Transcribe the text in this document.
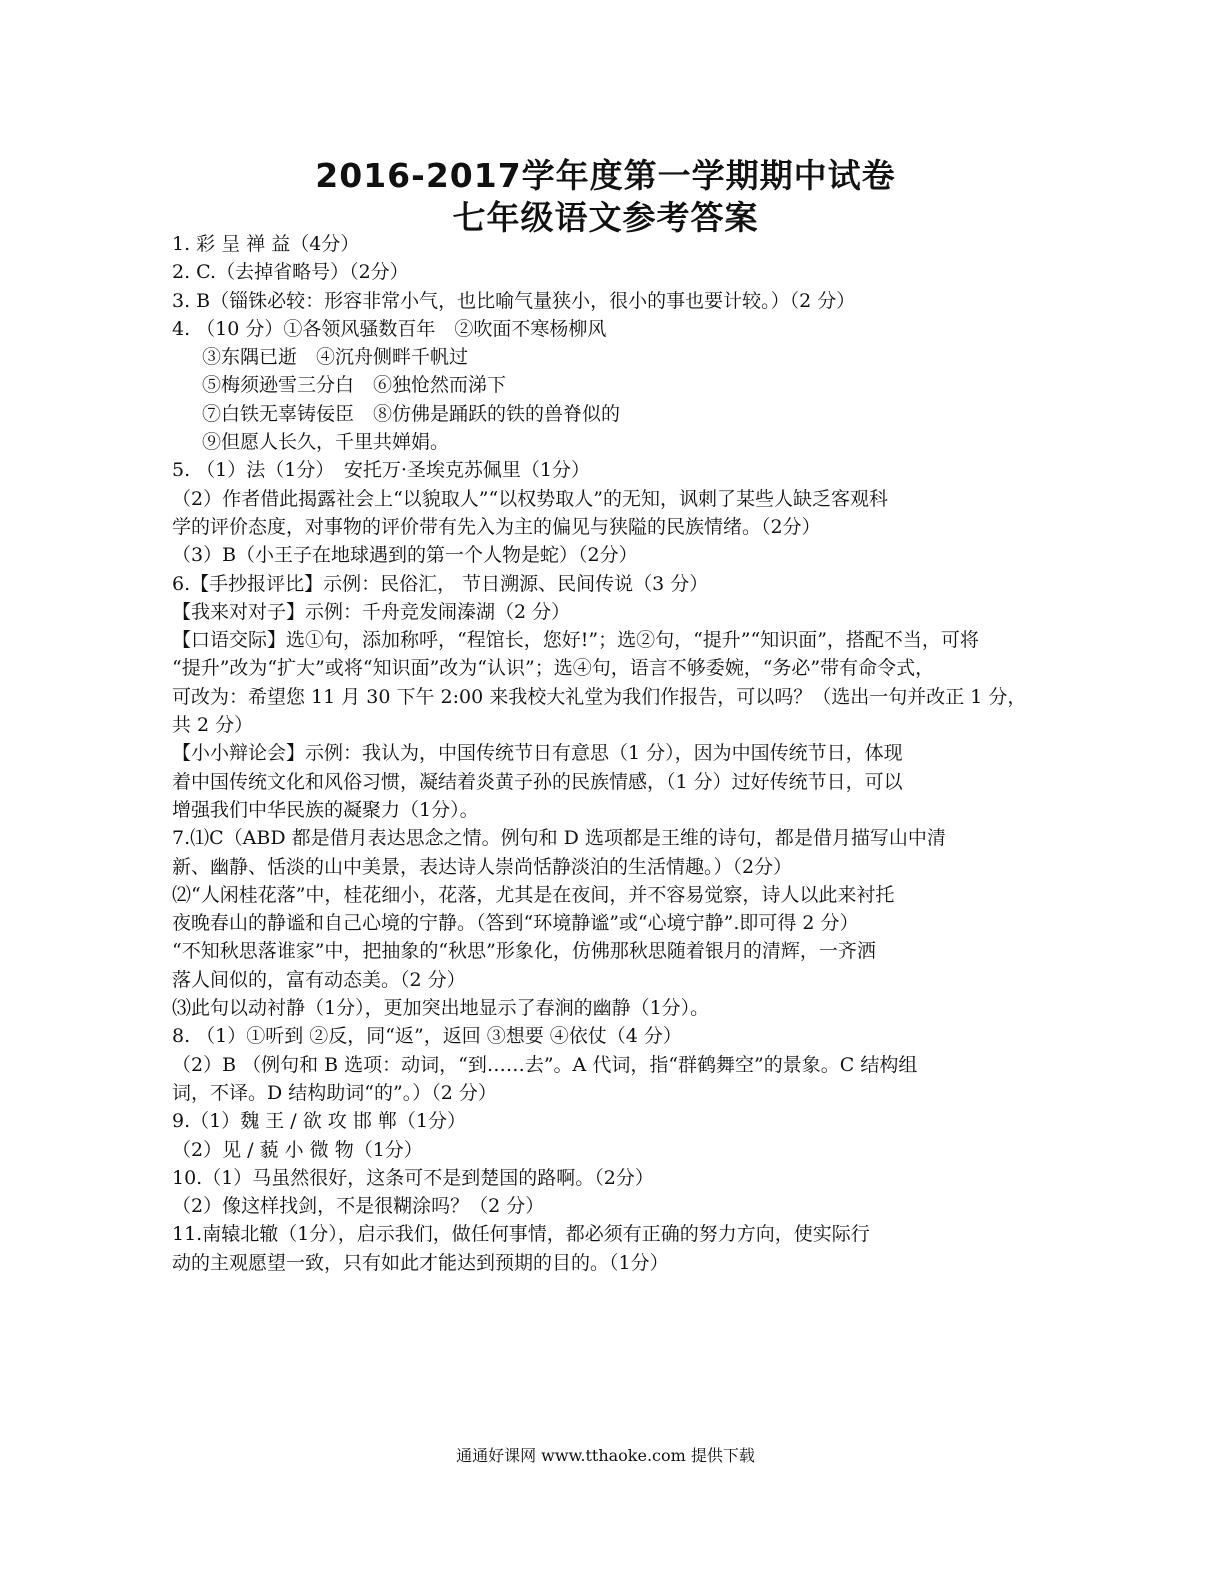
2016-2017学年度第一学期期中试卷
七年级语文参考答案
1. 彩 呈 禅 益（4分）
2. C.（去掉省略号）（2分）
3. B（锱铢必较：形容非常小气，也比喻气量狭小，很小的事也要计较。）（2 分）
4. （10 分）①各领风骚数百年　②吹面不寒杨柳风
③东隅已逝　④沉舟侧畔千帆过
⑤梅须逊雪三分白　⑥独怆然而涕下
⑦白铁无辜铸佞臣　⑧仿佛是踊跃的铁的兽脊似的
⑨但愿人长久，千里共婵娟。
5. （1）法（1分）　安托万·圣埃克苏佩里（1分）
（2）作者借此揭露社会上“以貌取人”“以权势取人”的无知，讽刺了某些人缺乏客观科
学的评价态度，对事物的评价带有先入为主的偏见与狭隘的民族情绪。（2分）
（3）B（小王子在地球遇到的第一个人物是蛇）（2分）
6.【手抄报评比】示例：民俗汇， 节日溯源、民间传说（3 分）
【我来对对子】示例：千舟竞发闹溱湖（2 分）
【口语交际】选①句，添加称呼，“程馆长，您好!”；选②句，“提升”“知识面”，搭配不当，可将
“提升”改为“扩大”或将“知识面”改为“认识”；选④句，语言不够委婉，“务必”带有命令式，
可改为：希望您 11 月 30 下午 2:00 来我校大礼堂为我们作报告，可以吗？（选出一句并改正 1 分，
共 2 分）
【小小辩论会】示例：我认为，中国传统节日有意思（1 分），因为中国传统节日，体现
着中国传统文化和风俗习惯，凝结着炎黄子孙的民族情感，（1 分）过好传统节日，可以
增强我们中华民族的凝聚力（1分）。
7.⑴C（ABD 都是借月表达思念之情。例句和 D 选项都是王维的诗句，都是借月描写山中清
新、幽静、恬淡的山中美景，表达诗人崇尚恬静淡泊的生活情趣。）（2分）
⑵“人闲桂花落”中，桂花细小，花落，尤其是在夜间，并不容易觉察，诗人以此来衬托
夜晚春山的静谧和自己心境的宁静。（答到“环境静谧”或“心境宁静”.即可得 2 分）
“不知秋思落谁家”中，把抽象的“秋思”形象化，仿佛那秋思随着银月的清辉，一齐洒
落人间似的，富有动态美。（2 分）
⑶此句以动衬静（1分），更加突出地显示了春涧的幽静（1分）。
8. （1）①听到 ②反，同“返”，返回 ③想要 ④依仗（4 分）
（2）B （例句和 B 选项：动词，“到……去”。A 代词，指“群鹤舞空”的景象。C 结构组
词，不译。D 结构助词“的”。）（2 分）
9.（1）魏 王 / 欲 攻 邯 郸（1分）
（2）见 / 藐 小 微 物（1分）
10.（1）马虽然很好，这条可不是到楚国的路啊。（2分）
（2）像这样找剑，不是很糊涂吗？（2 分）
11.南辕北辙（1分），启示我们，做任何事情，都必须有正确的努力方向，使实际行
动的主观愿望一致，只有如此才能达到预期的目的。（1分）
通通好课网 www.tthaoke.com 提供下载
